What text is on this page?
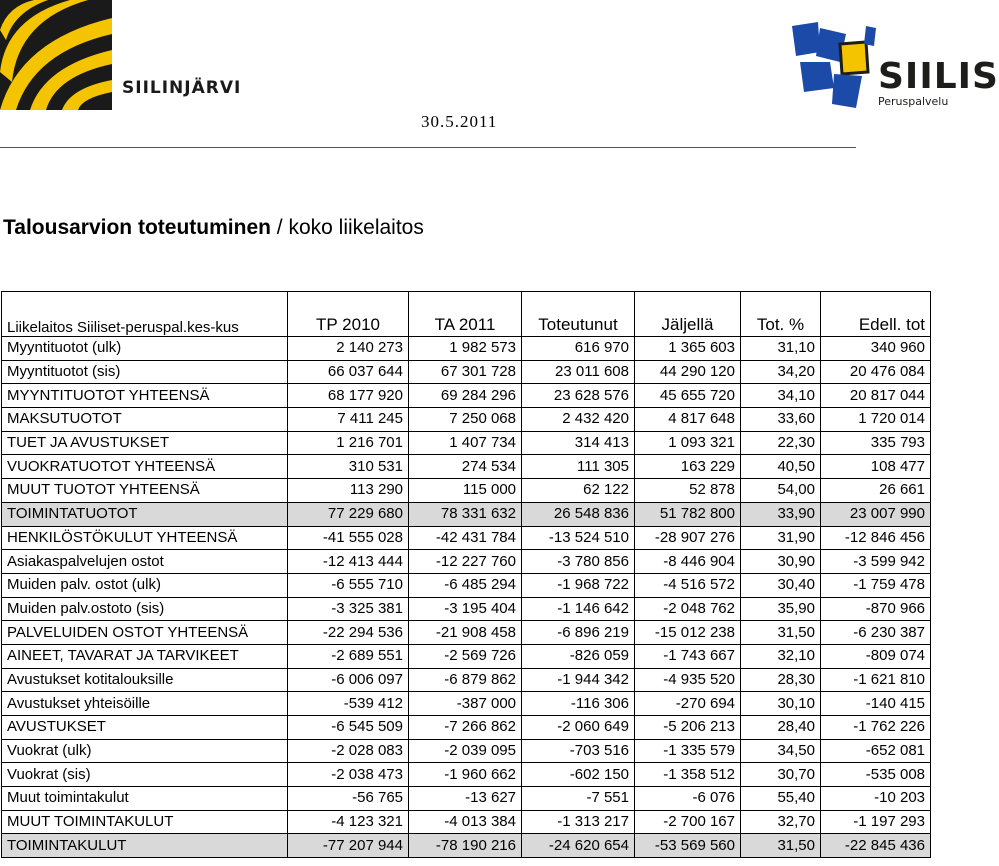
SIILINJÄRVI	SIILIS
Peruspalvelu
30.5.2011
Talousarvion toteutuminen / koko liikelaitos
Liikelaitos Siiliset-peruspal.kes-kus	TP 2010	TA 2011	Toteutunut	Jäljellä	Tot. %	Edell. tot
Myyntituotot (ulk)	2 140 273	1 982 573	616 970	1 365 603	31,10	340 960
Myyntituotot (sis)	66 037 644	67 301 728	23 011 608	44 290 120	34,20	20 476 084
MYYNTITUOTOT YHTEENSÄ	68 177 920	69 284 296	23 628 576	45 655 720	34,10	20 817 044
MAKSUTUOTOT	7 411 245	7 250 068	2 432 420	4 817 648	33,60	1 720 014
TUET JA AVUSTUKSET	1 216 701	1 407 734	314 413	1 093 321	22,30	335 793
VUOKRATUOTOT YHTEENSÄ	310 531	274 534	111 305	163 229	40,50	108 477
MUUT TUOTOT YHTEENSÄ	113 290	115 000	62 122	52 878	54,00	26 661
TOIMINTATUOTOT	77 229 680	78 331 632	26 548 836	51 782 800	33,90	23 007 990
HENKILÖSTÖKULUT YHTEENSÄ	-41 555 028	-42 431 784	-13 524 510	-28 907 276	31,90	-12 846 456
Asiakaspalvelujen ostot	-12 413 444	-12 227 760	-3 780 856	-8 446 904	30,90	-3 599 942
Muiden palv. ostot (ulk)	-6 555 710	-6 485 294	-1 968 722	-4 516 572	30,40	-1 759 478
Muiden palv.ostoto (sis)	-3 325 381	-3 195 404	-1 146 642	-2 048 762	35,90	-870 966
PALVELUIDEN OSTOT YHTEENSÄ	-22 294 536	-21 908 458	-6 896 219	-15 012 238	31,50	-6 230 387
AINEET, TAVARAT JA TARVIKEET	-2 689 551	-2 569 726	-826 059	-1 743 667	32,10	-809 074
Avustukset kotitalouksille	-6 006 097	-6 879 862	-1 944 342	-4 935 520	28,30	-1 621 810
Avustukset yhteisöille	-539 412	-387 000	-116 306	-270 694	30,10	-140 415
AVUSTUKSET	-6 545 509	-7 266 862	-2 060 649	-5 206 213	28,40	-1 762 226
Vuokrat (ulk)	-2 028 083	-2 039 095	-703 516	-1 335 579	34,50	-652 081
Vuokrat (sis)	-2 038 473	-1 960 662	-602 150	-1 358 512	30,70	-535 008
Muut toimintakulut	-56 765	-13 627	-7 551	-6 076	55,40	-10 203
MUUT TOIMINTAKULUT	-4 123 321	-4 013 384	-1 313 217	-2 700 167	32,70	-1 197 293
TOIMINTAKULUT	-77 207 944	-78 190 216	-24 620 654	-53 569 560	31,50	-22 845 436
